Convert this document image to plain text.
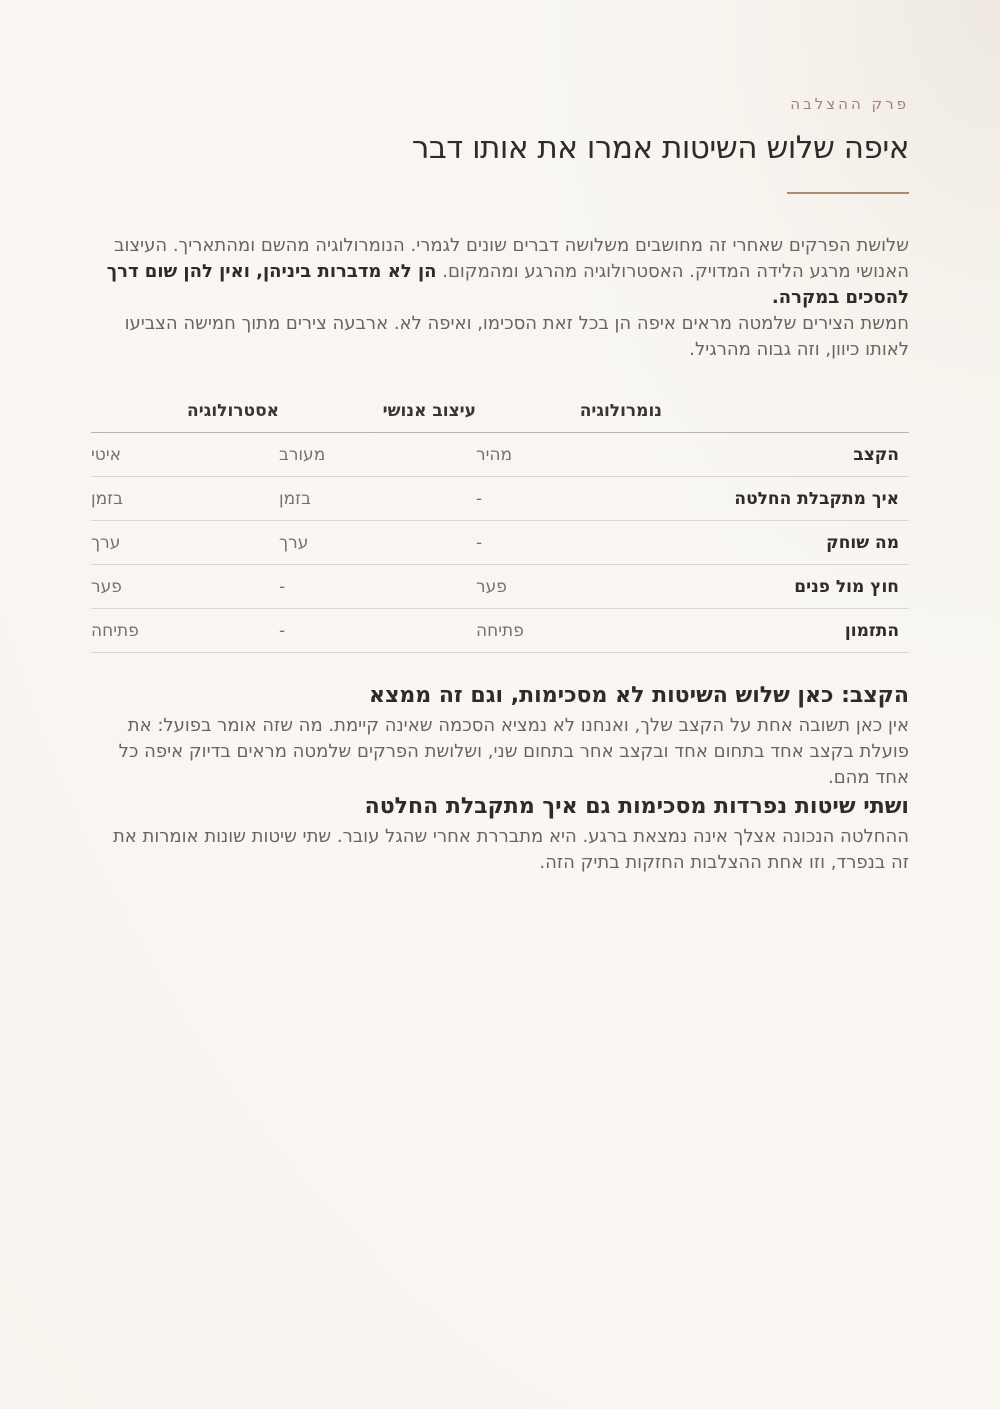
פרק ההצלבה
איפה שלוש השיטות אמרו את אותו דבר

שלושת הפרקים שאחרי זה מחושבים משלושה דברים שונים לגמרי. הנומרולוגיה מהשם ומהתאריך. העיצוב האנושי מרגע הלידה המדויק. האסטרולוגיה מהרגע ומהמקום. הן לא מדברות ביניהן, ואין להן שום דרך להסכים במקרה.

חמשת הצירים שלמטה מראים איפה הן בכל זאת הסכימו, ואיפה לא. ארבעה צירים מתוך חמישה הצביעו לאותו כיוון, וזה גבוה מהרגיל.

	נומרולוגיה	עיצוב אנושי	אסטרולוגיה
הקצב	מהיר	מעורב	איטי
איך מתקבלת החלטה	-	בזמן	בזמן
מה שוחק	-	ערך	ערך
חוץ מול פנים	פער	-	פער
התזמון	פתיחה	-	פתיחה
הקצב: כאן שלוש השיטות לא מסכימות, וגם זה ממצא

אין כאן תשובה אחת על הקצב שלך, ואנחנו לא נמציא הסכמה שאינה קיימת. מה שזה אומר בפועל: את פועלת בקצב אחד בתחום אחד ובקצב אחר בתחום שני, ושלושת הפרקים שלמטה מראים בדיוק איפה כל אחד מהם.

ושתי שיטות נפרדות מסכימות גם איך מתקבלת החלטה

ההחלטה הנכונה אצלך אינה נמצאת ברגע. היא מתבררת אחרי שהגל עובר. שתי שיטות שונות אומרות את זה בנפרד, וזו אחת ההצלבות החזקות בתיק הזה.
